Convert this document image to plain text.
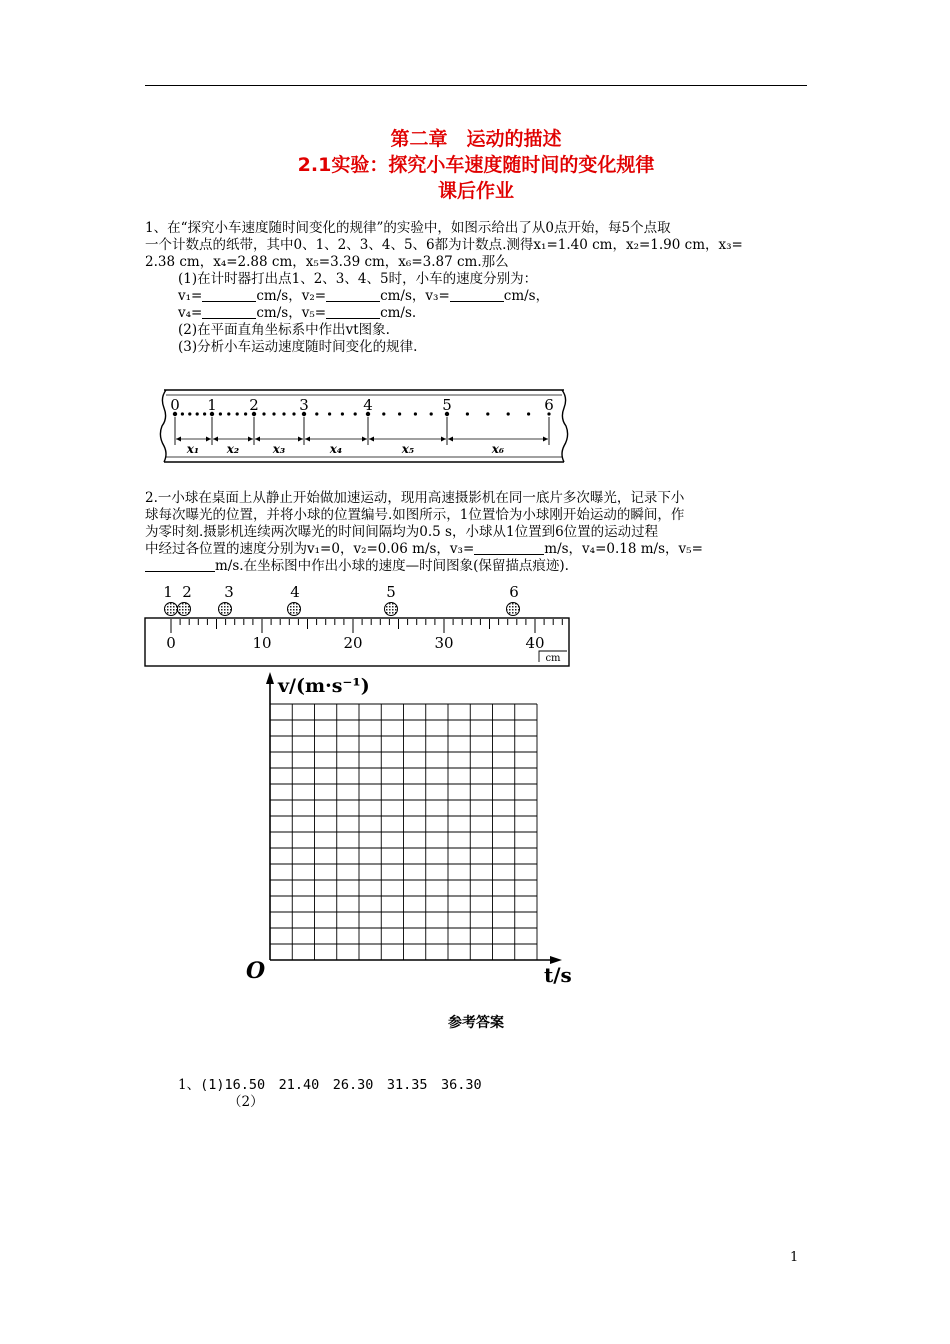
第二章　运动的描述
2.1实验：探究小车速度随时间的变化规律
课后作业
1、在“探究小车速度随时间变化的规律”的实验中，如图示给出了从0点开始，每5个点取
一个计数点的纸带，其中0、1、2、3、4、5、6都为计数点.测得x₁=1.40 cm，x₂=1.90 cm，x₃=
2.38 cm，x₄=2.88 cm，x₅=3.39 cm，x₆=3.87 cm.那么
(1)在计时器打出点1、2、3、4、5时，小车的速度分别为：
v₁=	cm/s，v₂=	cm/s，v₃=	cm/s，
v₄=	cm/s，v₅=	cm/s.
(2)在平面直角坐标系中作出vt图象.
(3)分析小车运动速度随时间变化的规律.
0 1 2	3	4	5	6
x₁ x₂	x₃	x₄	x₅	x₆
2.一小球在桌面上从静止开始做加速运动，现用高速摄影机在同一底片多次曝光，记录下小
球每次曝光的位置，并将小球的位置编号.如图所示，1位置恰为小球刚开始运动的瞬间，作
为零时刻.摄影机连续两次曝光的时间间隔均为0.5 s，小球从1位置到6位置的运动过程
中经过各位置的速度分别为v₁=0，v₂=0.06 m/s，v₃=	m/s，v₄=0.18 m/s，v₅=
m/s.在坐标图中作出小球的速度—时间图象(保留描点痕迹).
0	10	20	30	40
cm
1 2 3	4	5	6
v/(m·s⁻¹)
O	t/s
参考答案
1、(1)16.50　21.40　26.30　31.35　36.30
（2）
1
